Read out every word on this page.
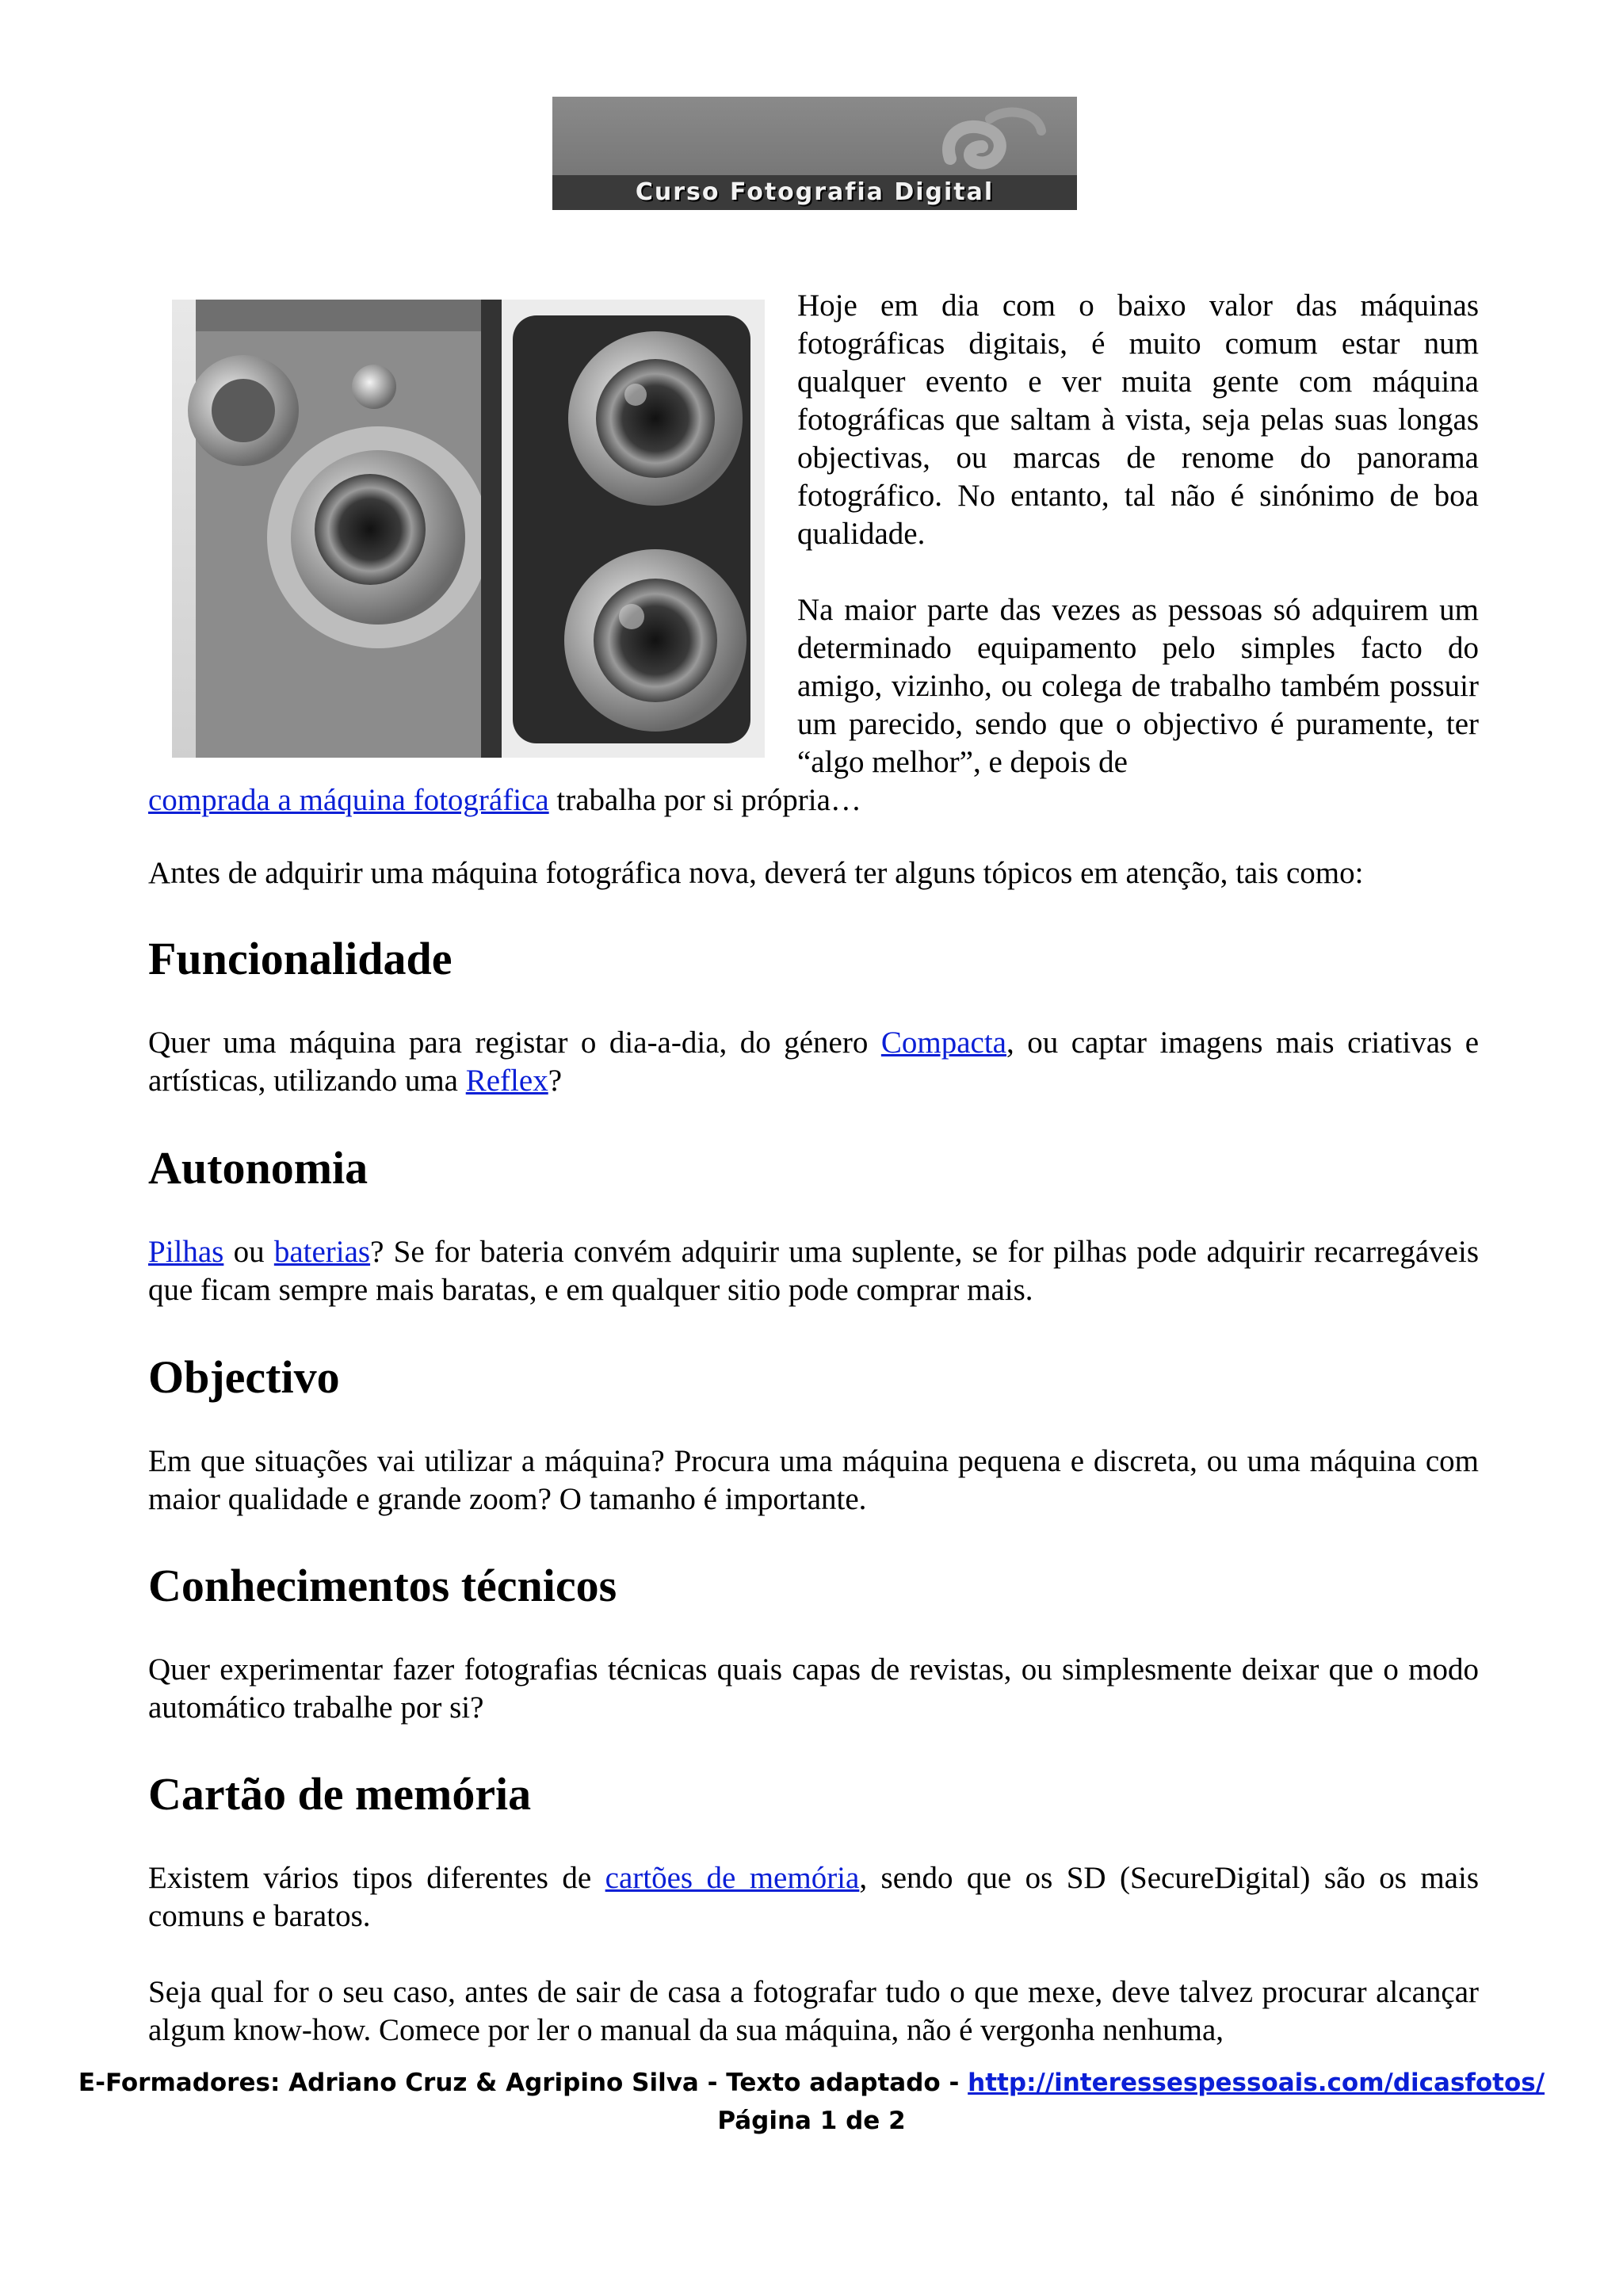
Curso Fotografia Digital

Hoje em dia com o baixo valor das máquinas fotográficas digitais, é muito comum estar num qualquer evento e ver muita gente com máquina fotográficas que saltam à vista, seja pelas suas longas objectivas, ou marcas de renome do panorama fotográfico. No entanto, tal não é sinónimo de boa qualidade.

Na maior parte das vezes as pessoas só adquirem um determinado equipamento pelo simples facto do amigo, vizinho, ou colega de trabalho também possuir um parecido, sendo que o objectivo é puramente, ter “algo melhor”, e depois de

comprada a máquina fotográfica trabalha por si própria…

Antes de adquirir uma máquina fotográfica nova, deverá ter alguns tópicos em atenção, tais como:

Funcionalidade

Quer uma máquina para registar o dia-a-dia, do género Compacta, ou captar imagens mais criativas e artísticas, utilizando uma Reflex?

Autonomia

Pilhas ou baterias? Se for bateria convém adquirir uma suplente, se for pilhas pode adquirir recarregáveis que ficam sempre mais baratas, e em qualquer sitio pode comprar mais.

Objectivo

Em que situações vai utilizar a máquina? Procura uma máquina pequena e discreta, ou uma máquina com maior qualidade e grande zoom? O tamanho é importante.

Conhecimentos técnicos

Quer experimentar fazer fotografias técnicas quais capas de revistas, ou simplesmente deixar que o modo automático trabalhe por si?

Cartão de memória

Existem vários tipos diferentes de cartões de memória, sendo que os SD (SecureDigital) são os mais comuns e baratos.

Seja qual for o seu caso, antes de sair de casa a fotografar tudo o que mexe, deve talvez procurar alcançar algum know-how. Comece por ler o manual da sua máquina, não é vergonha nenhuma,

E-Formadores: Adriano Cruz & Agripino Silva - Texto adaptado - http://interessespessoais.com/dicasfotos/
Página 1 de 2
